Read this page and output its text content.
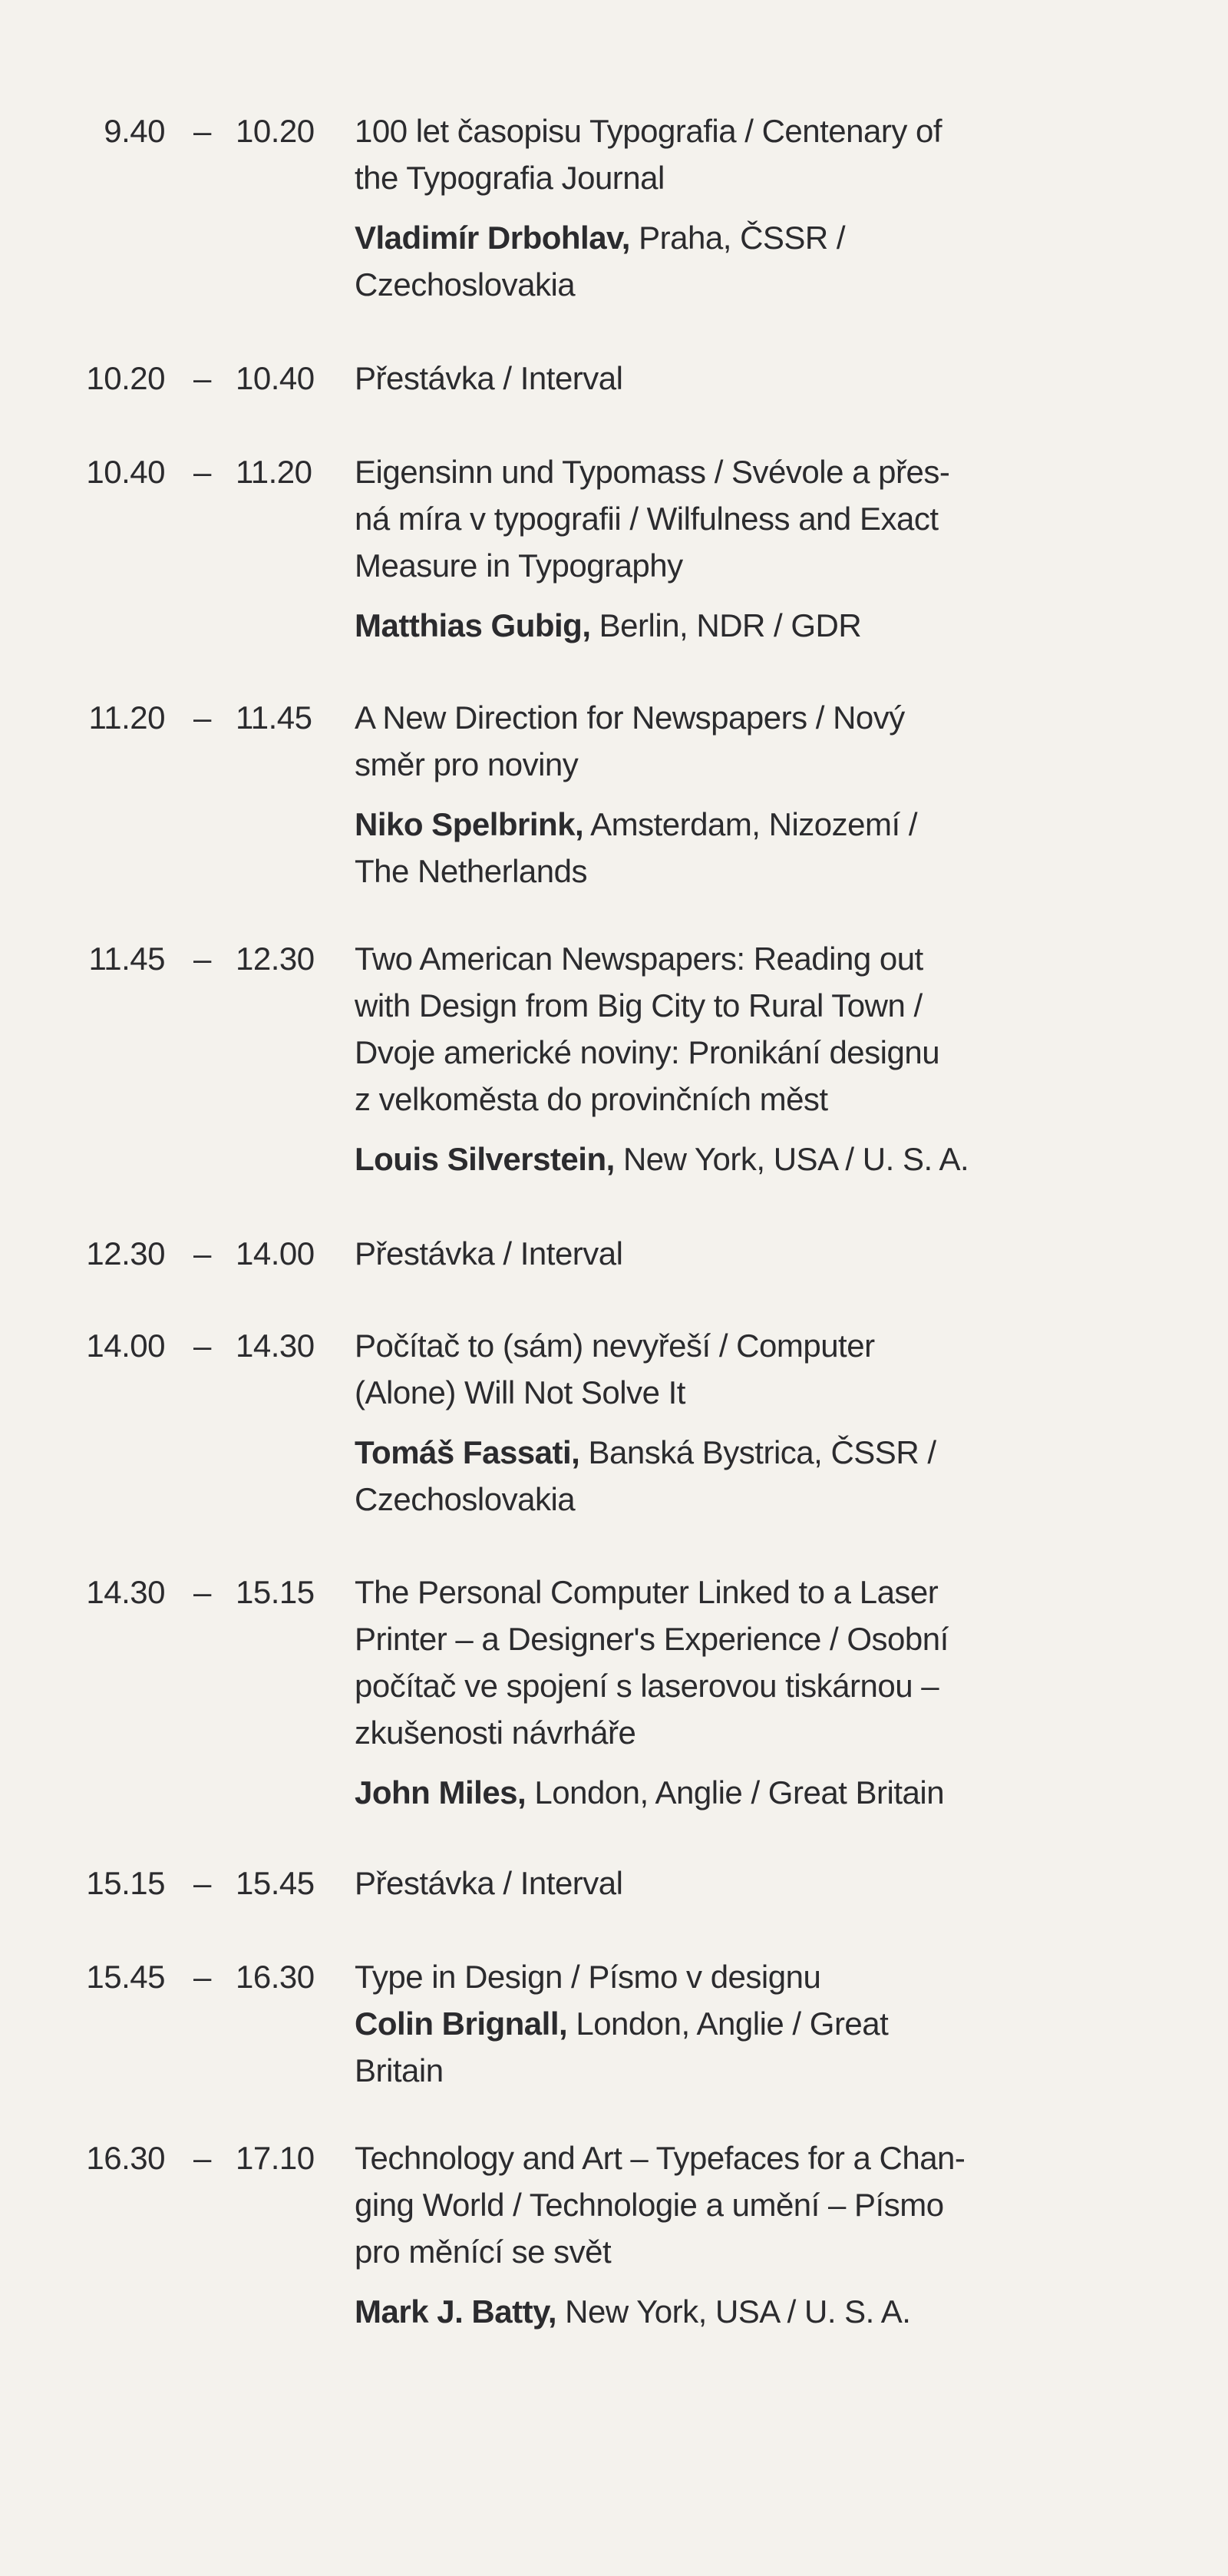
9.40 – 10.20 100 let časopisu Typografia / Centenary of
the Typografia Journal
Vladimír Drbohlav, Praha, ČSSR /
Czechoslovakia
10.20 – 10.40 Přestávka / Interval
10.40 – 11.20 Eigensinn und Typomass / Svévole a přes-
ná míra v typografii / Wilfulness and Exact
Measure in Typography
Matthias Gubig, Berlin, NDR / GDR
11.20 – 11.45 A New Direction for Newspapers / Nový
směr pro noviny
Niko Spelbrink, Amsterdam, Nizozemí /
The Netherlands
11.45 – 12.30 Two American Newspapers: Reading out
with Design from Big City to Rural Town /
Dvoje americké noviny: Pronikání designu
z velkoměsta do provinčních měst
Louis Silverstein, New York, USA / U. S. A.
12.30 – 14.00 Přestávka / Interval
14.00 – 14.30 Počítač to (sám) nevyřeší / Computer
(Alone) Will Not Solve It
Tomáš Fassati, Banská Bystrica, ČSSR /
Czechoslovakia
14.30 – 15.15 The Personal Computer Linked to a Laser
Printer – a Designer's Experience / Osobní
počítač ve spojení s laserovou tiskárnou –
zkušenosti návrháře
John Miles, London, Anglie / Great Britain
15.15 – 15.45 Přestávka / Interval
15.45 – 16.30 Type in Design / Písmo v designu
Colin Brignall, London, Anglie / Great
Britain
16.30 – 17.10 Technology and Art – Typefaces for a Chan-
ging World / Technologie a umění – Písmo
pro měnící se svět
Mark J. Batty, New York, USA / U. S. A.
